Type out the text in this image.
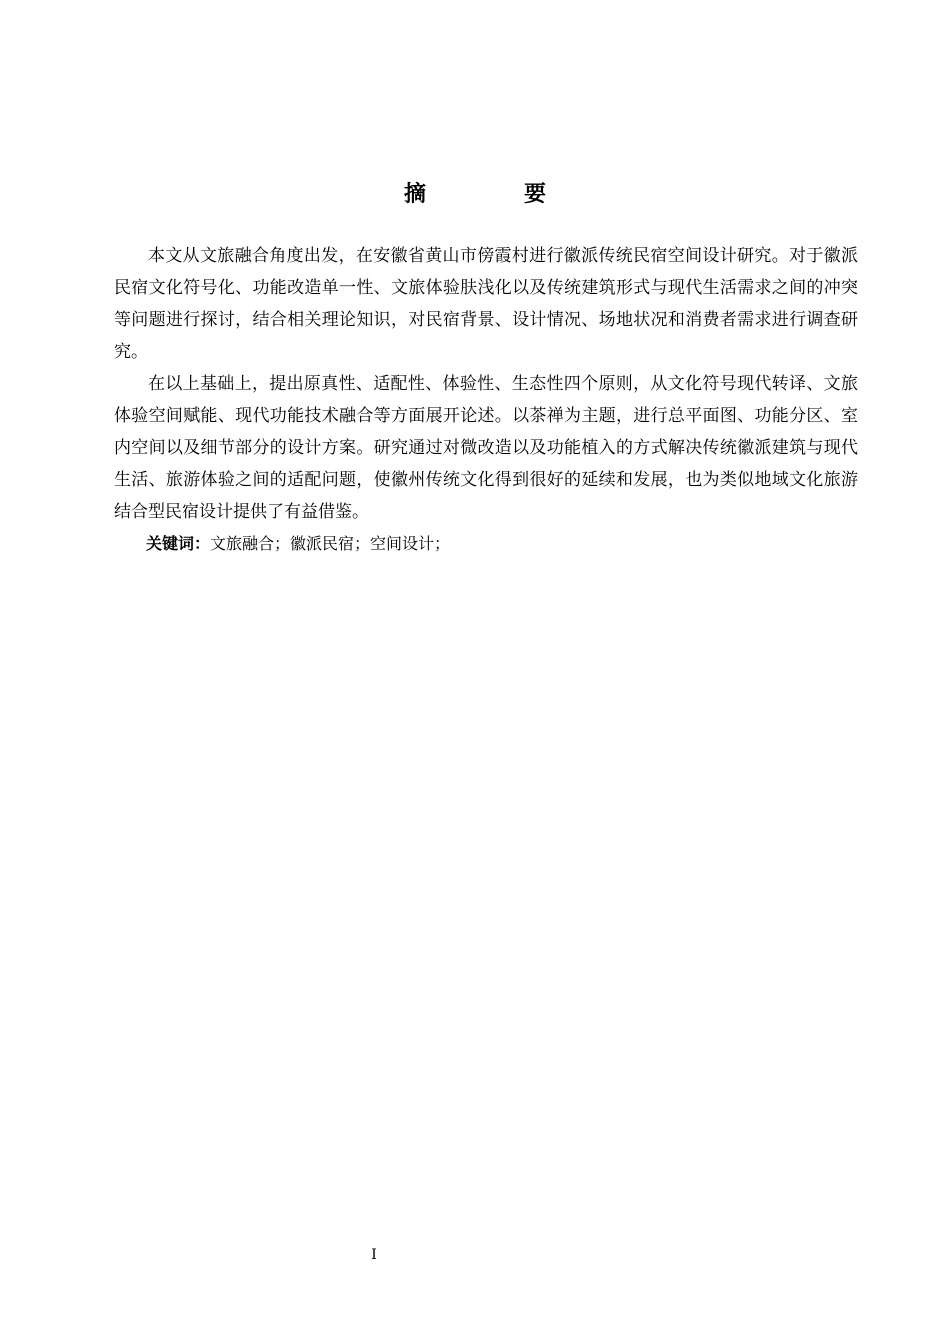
摘　要

本文从文旅融合角度出发，在安徽省黄山市傍霞村进行徽派传统民宿空间设计研究。对于徽派民宿文化符号化、功能改造单一性、文旅体验肤浅化以及传统建筑形式与现代生活需求之间的冲突等问题进行探讨，结合相关理论知识，对民宿背景、设计情况、场地状况和消费者需求进行调查研究。

在以上基础上，提出原真性、适配性、体验性、生态性四个原则，从文化符号现代转译、文旅体验空间赋能、现代功能技术融合等方面展开论述。以茶禅为主题，进行总平面图、功能分区、室内空间以及细节部分的设计方案。研究通过对微改造以及功能植入的方式解决传统徽派建筑与现代生活、旅游体验之间的适配问题，使徽州传统文化得到很好的延续和发展，也为类似地域文化旅游结合型民宿设计提供了有益借鉴。

关键词：文旅融合；徽派民宿；空间设计；

I
